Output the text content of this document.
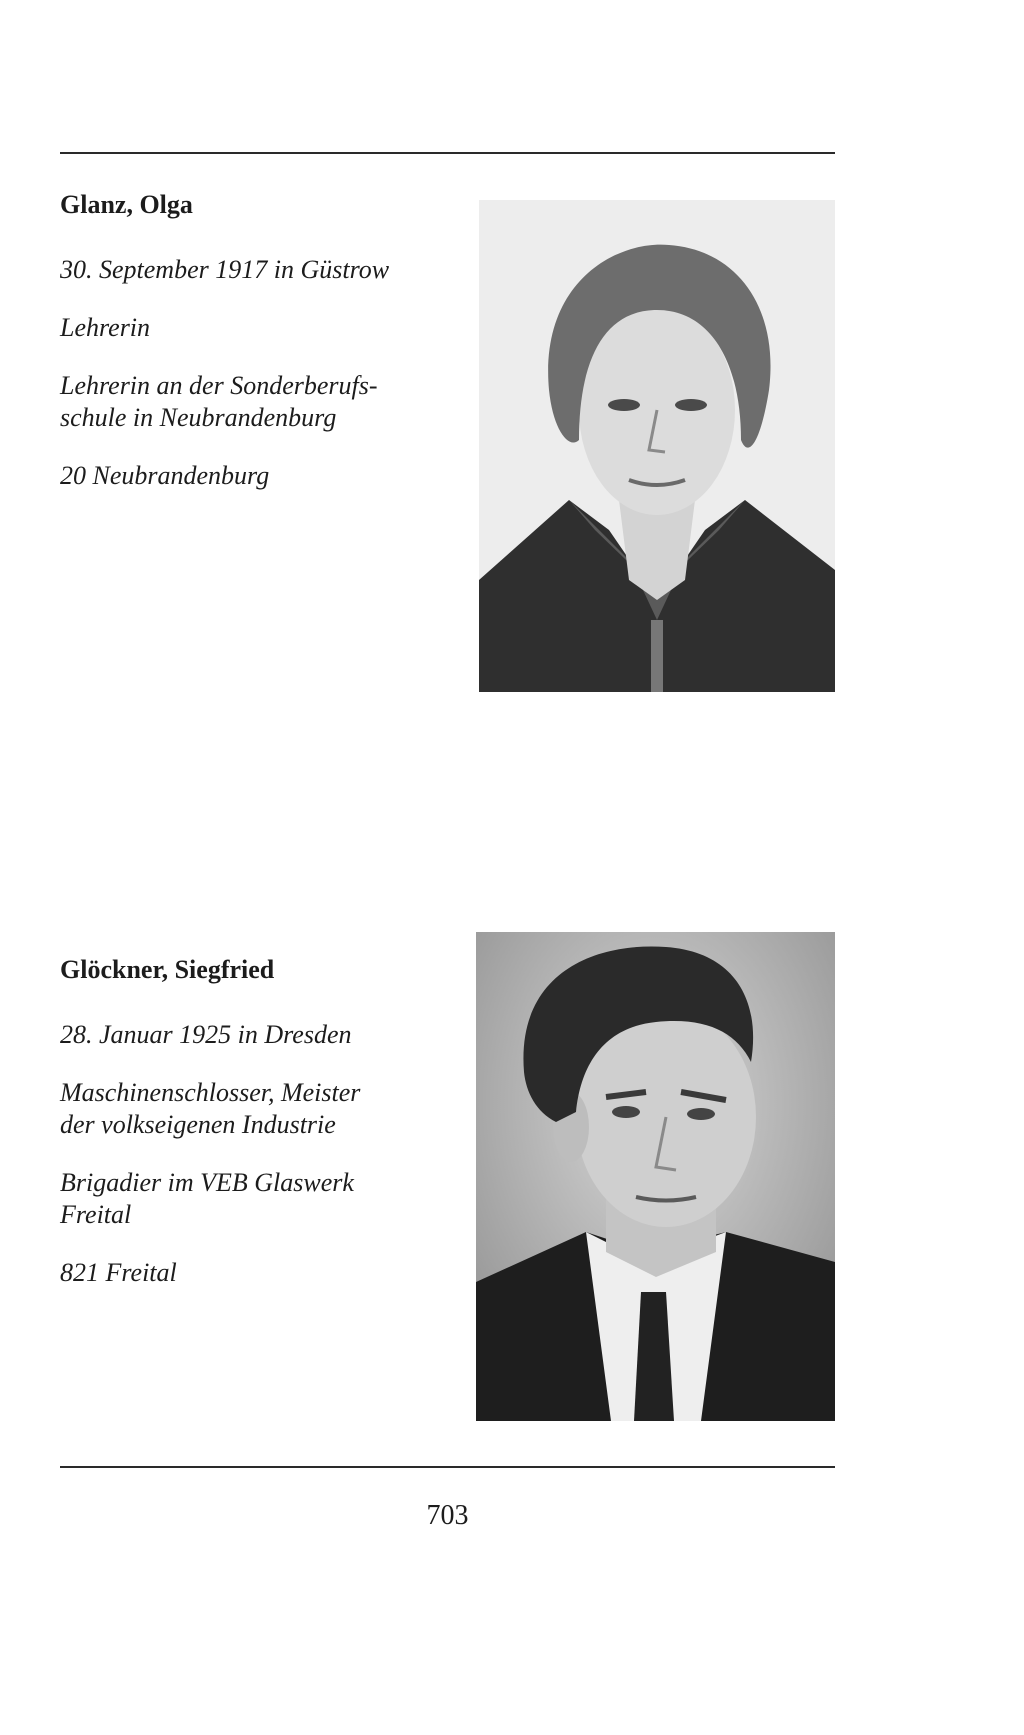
Glanz, Olga
30. September 1917 in Güstrow
Lehrerin
Lehrerin an der Sonderberufs-
schule in Neubrandenburg
20 Neubrandenburg
Glöckner, Siegfried
28. Januar 1925 in Dresden
Maschinenschlosser, Meister
der volkseigenen Industrie
Brigadier im VEB Glaswerk
Freital
821 Freital
703
